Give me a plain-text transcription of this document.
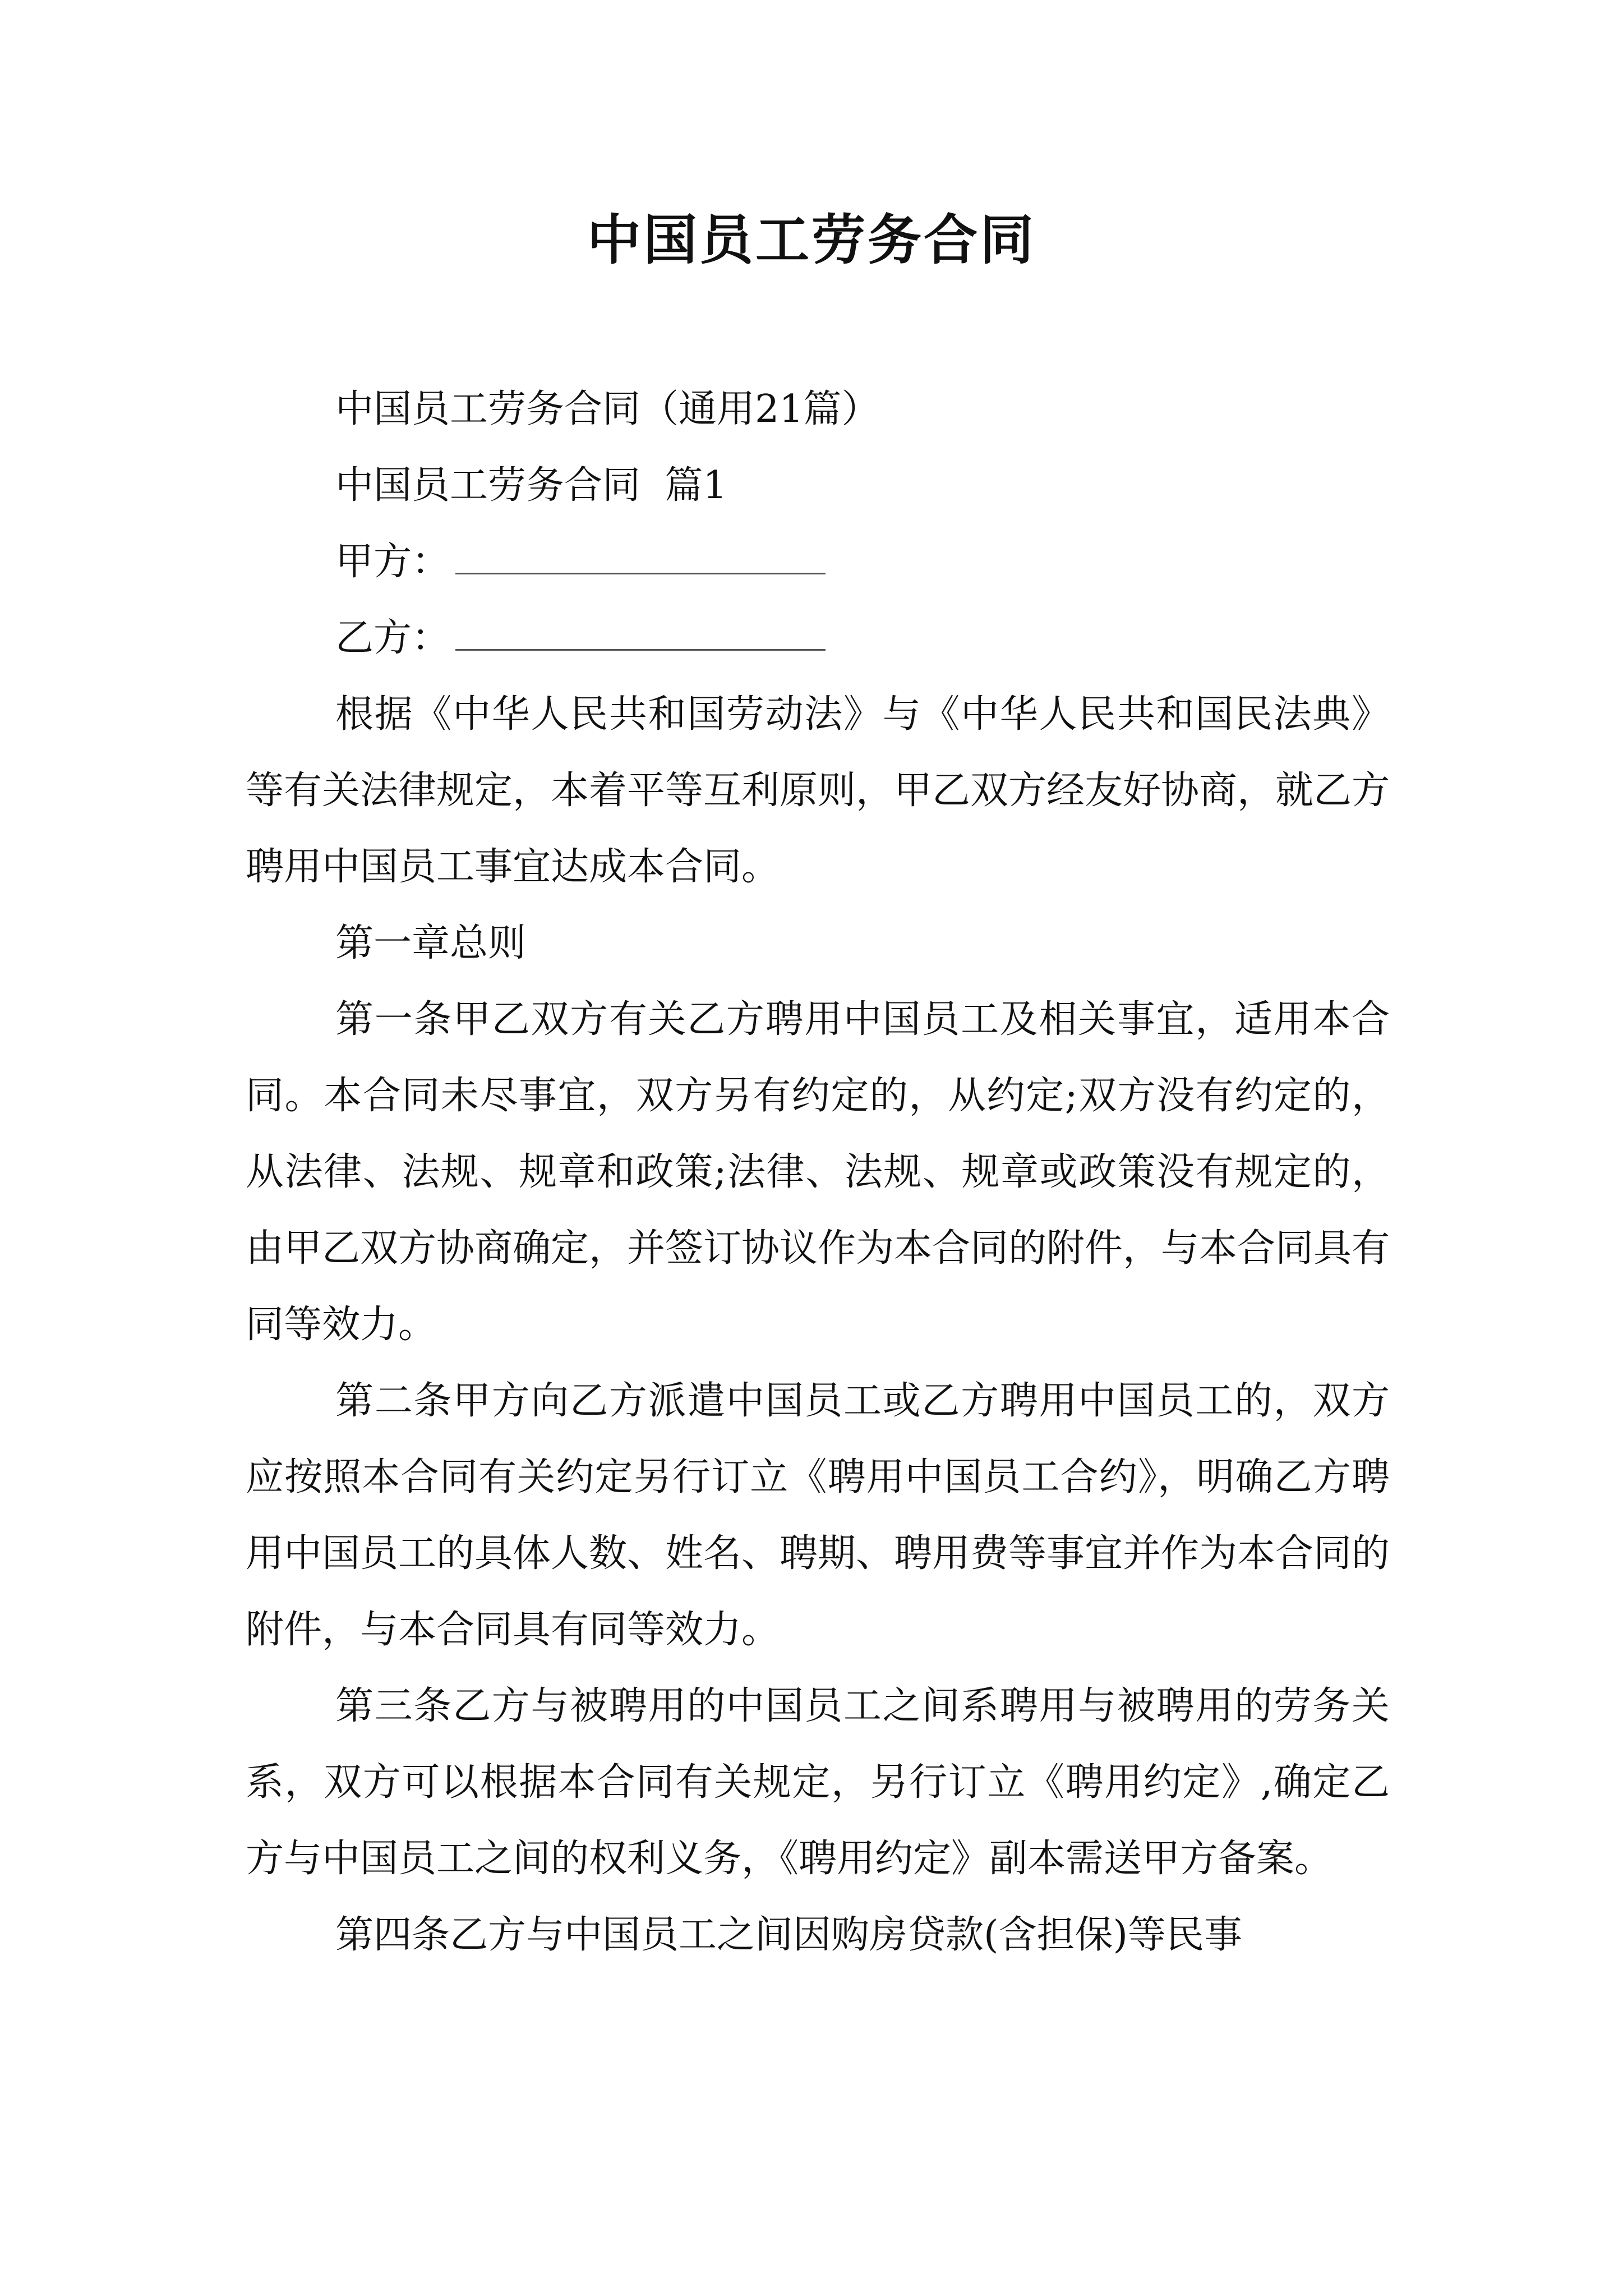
中国员工劳务合同

中国员工劳务合同（通用21篇）

中国员工劳务合同  篇1

甲方：

乙方：

根据《中华人民共和国劳动法》与《中华人民共和国民法典》等有关法律规定，本着平等互利原则，甲乙双方经友好协商，就乙方聘用中国员工事宜达成本合同。

第一章总则

第一条甲乙双方有关乙方聘用中国员工及相关事宜，适用本合同。本合同未尽事宜，双方另有约定的，从约定;双方没有约定的，从法律、法规、规章和政策;法律、法规、规章或政策没有规定的，由甲乙双方协商确定，并签订协议作为本合同的附件，与本合同具有同等效力。

第二条甲方向乙方派遣中国员工或乙方聘用中国员工的，双方应按照本合同有关约定另行订立《聘用中国员工合约》，明确乙方聘用中国员工的具体人数、姓名、聘期、聘用费等事宜并作为本合同的附件，与本合同具有同等效力。

第三条乙方与被聘用的中国员工之间系聘用与被聘用的劳务关系，双方可以根据本合同有关规定，另行订立《聘用约定》,确定乙方与中国员工之间的权利义务，《聘用约定》副本需送甲方备案。

第四条乙方与中国员工之间因购房贷款(含担保)等民事
